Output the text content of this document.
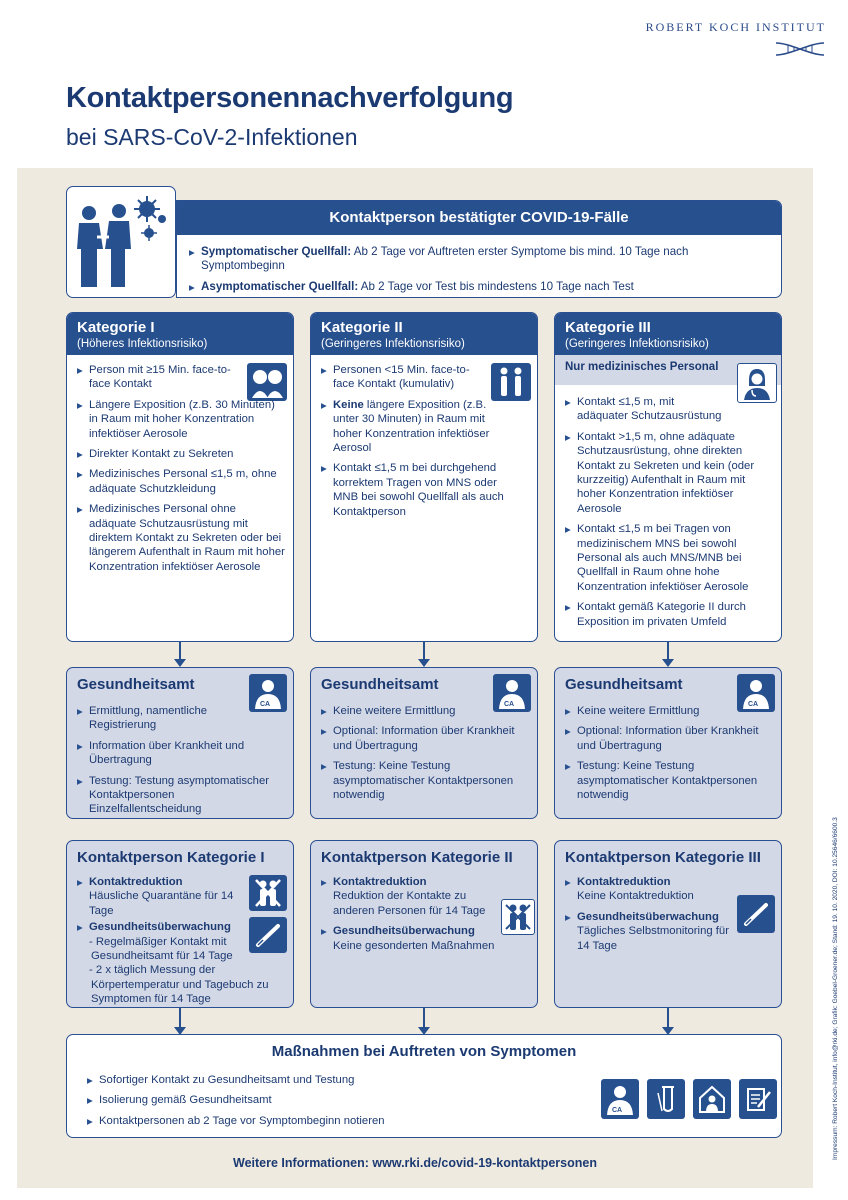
ROBERT KOCH INSTITUT
Kontaktpersonennachverfolgung
bei SARS-CoV-2-Infektionen
Kontaktperson bestätigter COVID-19-Fälle
▶ Symptomatischer Quellfall: Ab 2 Tage vor Auftreten erster Symptome bis mind. 10 Tage nach Symptombeginn
▶ Asymptomatischer Quellfall: Ab 2 Tage vor Test bis mindestens 10 Tage nach Test
Kategorie I
(Höheres Infektionsrisiko)
▶ Person mit ≥15 Min. face-to-face Kontakt
▶ Längere Exposition (z.B. 30 Minuten) in Raum mit hoher Konzentration infektiöser Aerosole
▶ Direkter Kontakt zu Sekreten
▶ Medizinisches Personal ≤1,5 m, ohne adäquate Schutzkleidung
▶ Medizinisches Personal ohne adäquate Schutzausrüstung mit direktem Kontakt zu Sekreten oder bei längerem Aufenthalt in Raum mit hoher Konzentration infektiöser Aerosole
Kategorie II
(Geringeres Infektionsrisiko)
▶ Personen <15 Min. face-to-face Kontakt (kumulativ)
▶ Keine längere Exposition (z.B. unter 30 Minuten) in Raum mit hoher Konzentration infektiöser Aerosol
▶ Kontakt ≤1,5 m bei durchgehend korrektem Tragen von MNS oder MNB bei sowohl Quellfall als auch Kontaktperson
Kategorie III
(Geringeres Infektionsrisiko)
Nur medizinisches Personal
▶ Kontakt ≤1,5 m, mit adäquater Schutzausrüstung
▶ Kontakt >1,5 m, ohne adäquate Schutzausrüstung, ohne direkten Kontakt zu Sekreten und kein (oder kurzzeitig) Aufenthalt in Raum mit hoher Konzentration infektiöser Aerosole
▶ Kontakt ≤1,5 m bei Tragen von medizinischem MNS bei sowohl Personal als auch MNS/MNB bei Quellfall in Raum ohne hohe Konzentration infektiöser Aerosole
▶ Kontakt gemäß Kategorie II durch Exposition im privaten Umfeld
Gesundheitsamt
CA
▶ Ermittlung, namentliche Registrierung
▶ Information über Krankheit und Übertragung
▶ Testung: Testung asymptomatischer Kontaktpersonen Einzelfallentscheidung
Gesundheitsamt
CA
▶ Keine weitere Ermittlung
▶ Optional: Information über Krankheit und Übertragung
▶ Testung: Keine Testung asymptomatischer Kontaktpersonen notwendig
Gesundheitsamt
CA
▶ Keine weitere Ermittlung
▶ Optional: Information über Krankheit und Übertragung
▶ Testung: Keine Testung asymptomatischer Kontaktpersonen notwendig
Kontaktperson Kategorie I
▶ Kontaktreduktion
Häusliche Quarantäne für 14 Tage
▶ Gesundheitsüberwachung
- Regelmäßiger Kontakt mit Gesundheitsamt für 14 Tage
- 2 x täglich Messung der Körpertemperatur und Tagebuch zu Symptomen für 14 Tage
Kontaktperson Kategorie II
▶ Kontaktreduktion
Reduktion der Kontakte zu anderen Personen für 14 Tage
▶ Gesundheitsüberwachung
Keine gesonderten Maßnahmen
Kontaktperson Kategorie III
▶ Kontaktreduktion
Keine Kontaktreduktion
▶ Gesundheitsüberwachung
Tägliches Selbstmonitoring für 14 Tage
Maßnahmen bei Auftreten von Symptomen
▶ Sofortiger Kontakt zu Gesundheitsamt und Testung
▶ Isolierung gemäß Gesundheitsamt
▶ Kontaktpersonen ab 2 Tage vor Symptombeginn notieren
CA
Weitere Informationen: www.rki.de/covid-19-kontaktpersonen
Impressum: Robert Koch-Institut, info@rki.de; Grafik: Goebel-Groener.de; Stand: 19. 10. 2020, DOI: 10.25646/6600.3
